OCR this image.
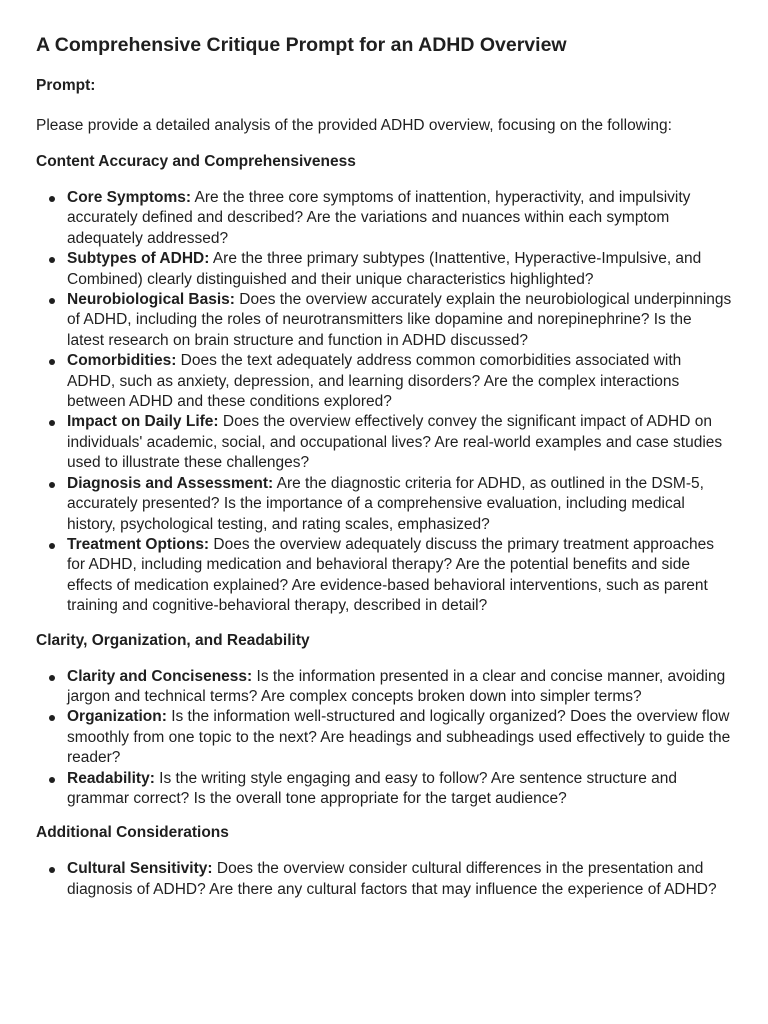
A Comprehensive Critique Prompt for an ADHD Overview

Prompt:

Please provide a detailed analysis of the provided ADHD overview, focusing on the following:

Content Accuracy and Comprehensiveness
Core Symptoms: Are the three core symptoms of inattention, hyperactivity, and impulsivity accurately defined and described? Are the variations and nuances within each symptom adequately addressed?
Subtypes of ADHD: Are the three primary subtypes (Inattentive, Hyperactive-Impulsive, and Combined) clearly distinguished and their unique characteristics highlighted?
Neurobiological Basis: Does the overview accurately explain the neurobiological underpinnings of ADHD, including the roles of neurotransmitters like dopamine and norepinephrine? Is the latest research on brain structure and function in ADHD discussed?
Comorbidities: Does the text adequately address common comorbidities associated with ADHD, such as anxiety, depression, and learning disorders? Are the complex interactions between ADHD and these conditions explored?
Impact on Daily Life: Does the overview effectively convey the significant impact of ADHD on individuals' academic, social, and occupational lives? Are real-world examples and case studies used to illustrate these challenges?
Diagnosis and Assessment: Are the diagnostic criteria for ADHD, as outlined in the DSM-5, accurately presented? Is the importance of a comprehensive evaluation, including medical history, psychological testing, and rating scales, emphasized?
Treatment Options: Does the overview adequately discuss the primary treatment approaches for ADHD, including medication and behavioral therapy? Are the potential benefits and side effects of medication explained? Are evidence-based behavioral interventions, such as parent training and cognitive-behavioral therapy, described in detail?
Clarity, Organization, and Readability
Clarity and Conciseness: Is the information presented in a clear and concise manner, avoiding jargon and technical terms? Are complex concepts broken down into simpler terms?
Organization: Is the information well-structured and logically organized? Does the overview flow smoothly from one topic to the next? Are headings and subheadings used effectively to guide the reader?
Readability: Is the writing style engaging and easy to follow? Are sentence structure and grammar correct? Is the overall tone appropriate for the target audience?
Additional Considerations
Cultural Sensitivity: Does the overview consider cultural differences in the presentation and diagnosis of ADHD? Are there any cultural factors that may influence the experience of ADHD?
